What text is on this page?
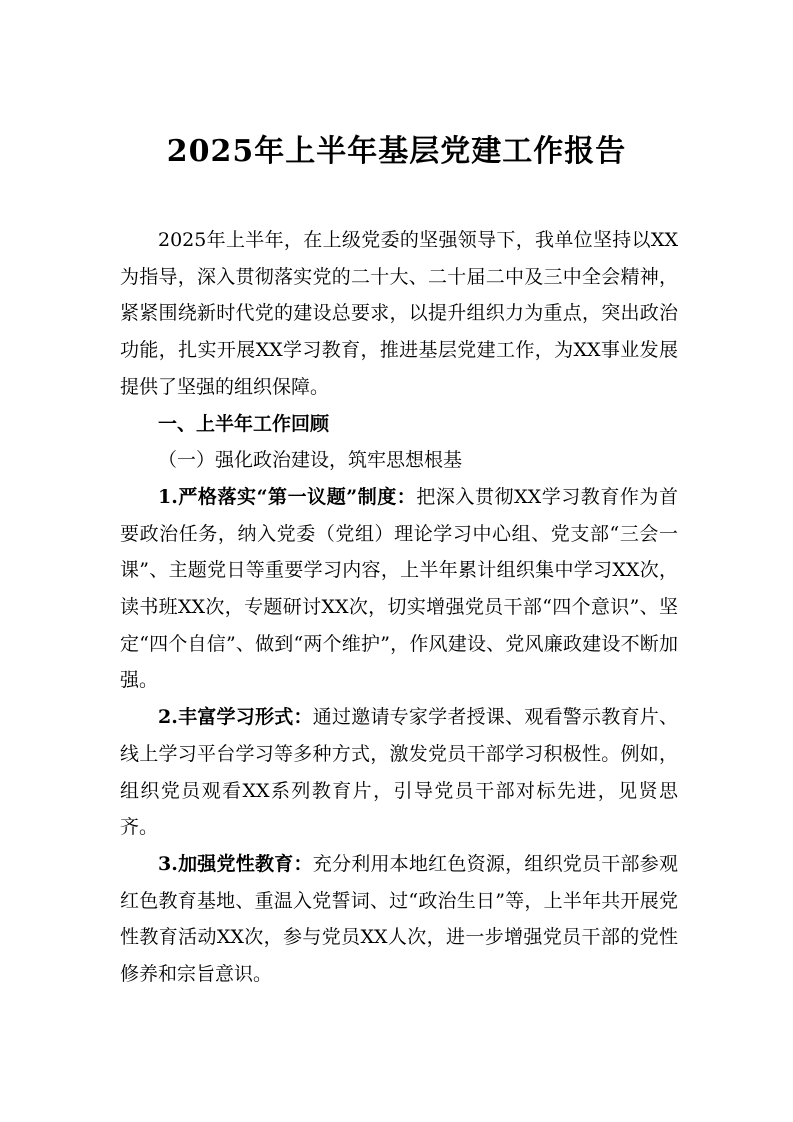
2025年上半年基层党建工作报告

2025年上半年，在上级党委的坚强领导下，我单位坚持以XX为指导，深入贯彻落实党的二十大、二十届二中及三中全会精神，紧紧围绕新时代党的建设总要求，以提升组织力为重点，突出政治功能，扎实开展XX学习教育，推进基层党建工作，为XX事业发展提供了坚强的组织保障。

一、上半年工作回顾

（一）强化政治建设，筑牢思想根基

1.严格落实“第一议题”制度：把深入贯彻XX学习教育作为首要政治任务，纳入党委（党组）理论学习中心组、党支部“三会一课”、主题党日等重要学习内容，上半年累计组织集中学习XX次，读书班XX次，专题研讨XX次，切实增强党员干部“四个意识”、坚定“四个自信”、做到“两个维护”，作风建设、党风廉政建设不断加强。

2.丰富学习形式：通过邀请专家学者授课、观看警示教育片、线上学习平台学习等多种方式，激发党员干部学习积极性。例如，组织党员观看XX系列教育片，引导党员干部对标先进，见贤思齐。

3.加强党性教育：充分利用本地红色资源，组织党员干部参观红色教育基地、重温入党誓词、过“政治生日”等，上半年共开展党性教育活动XX次，参与党员XX人次，进一步增强党员干部的党性修养和宗旨意识。
